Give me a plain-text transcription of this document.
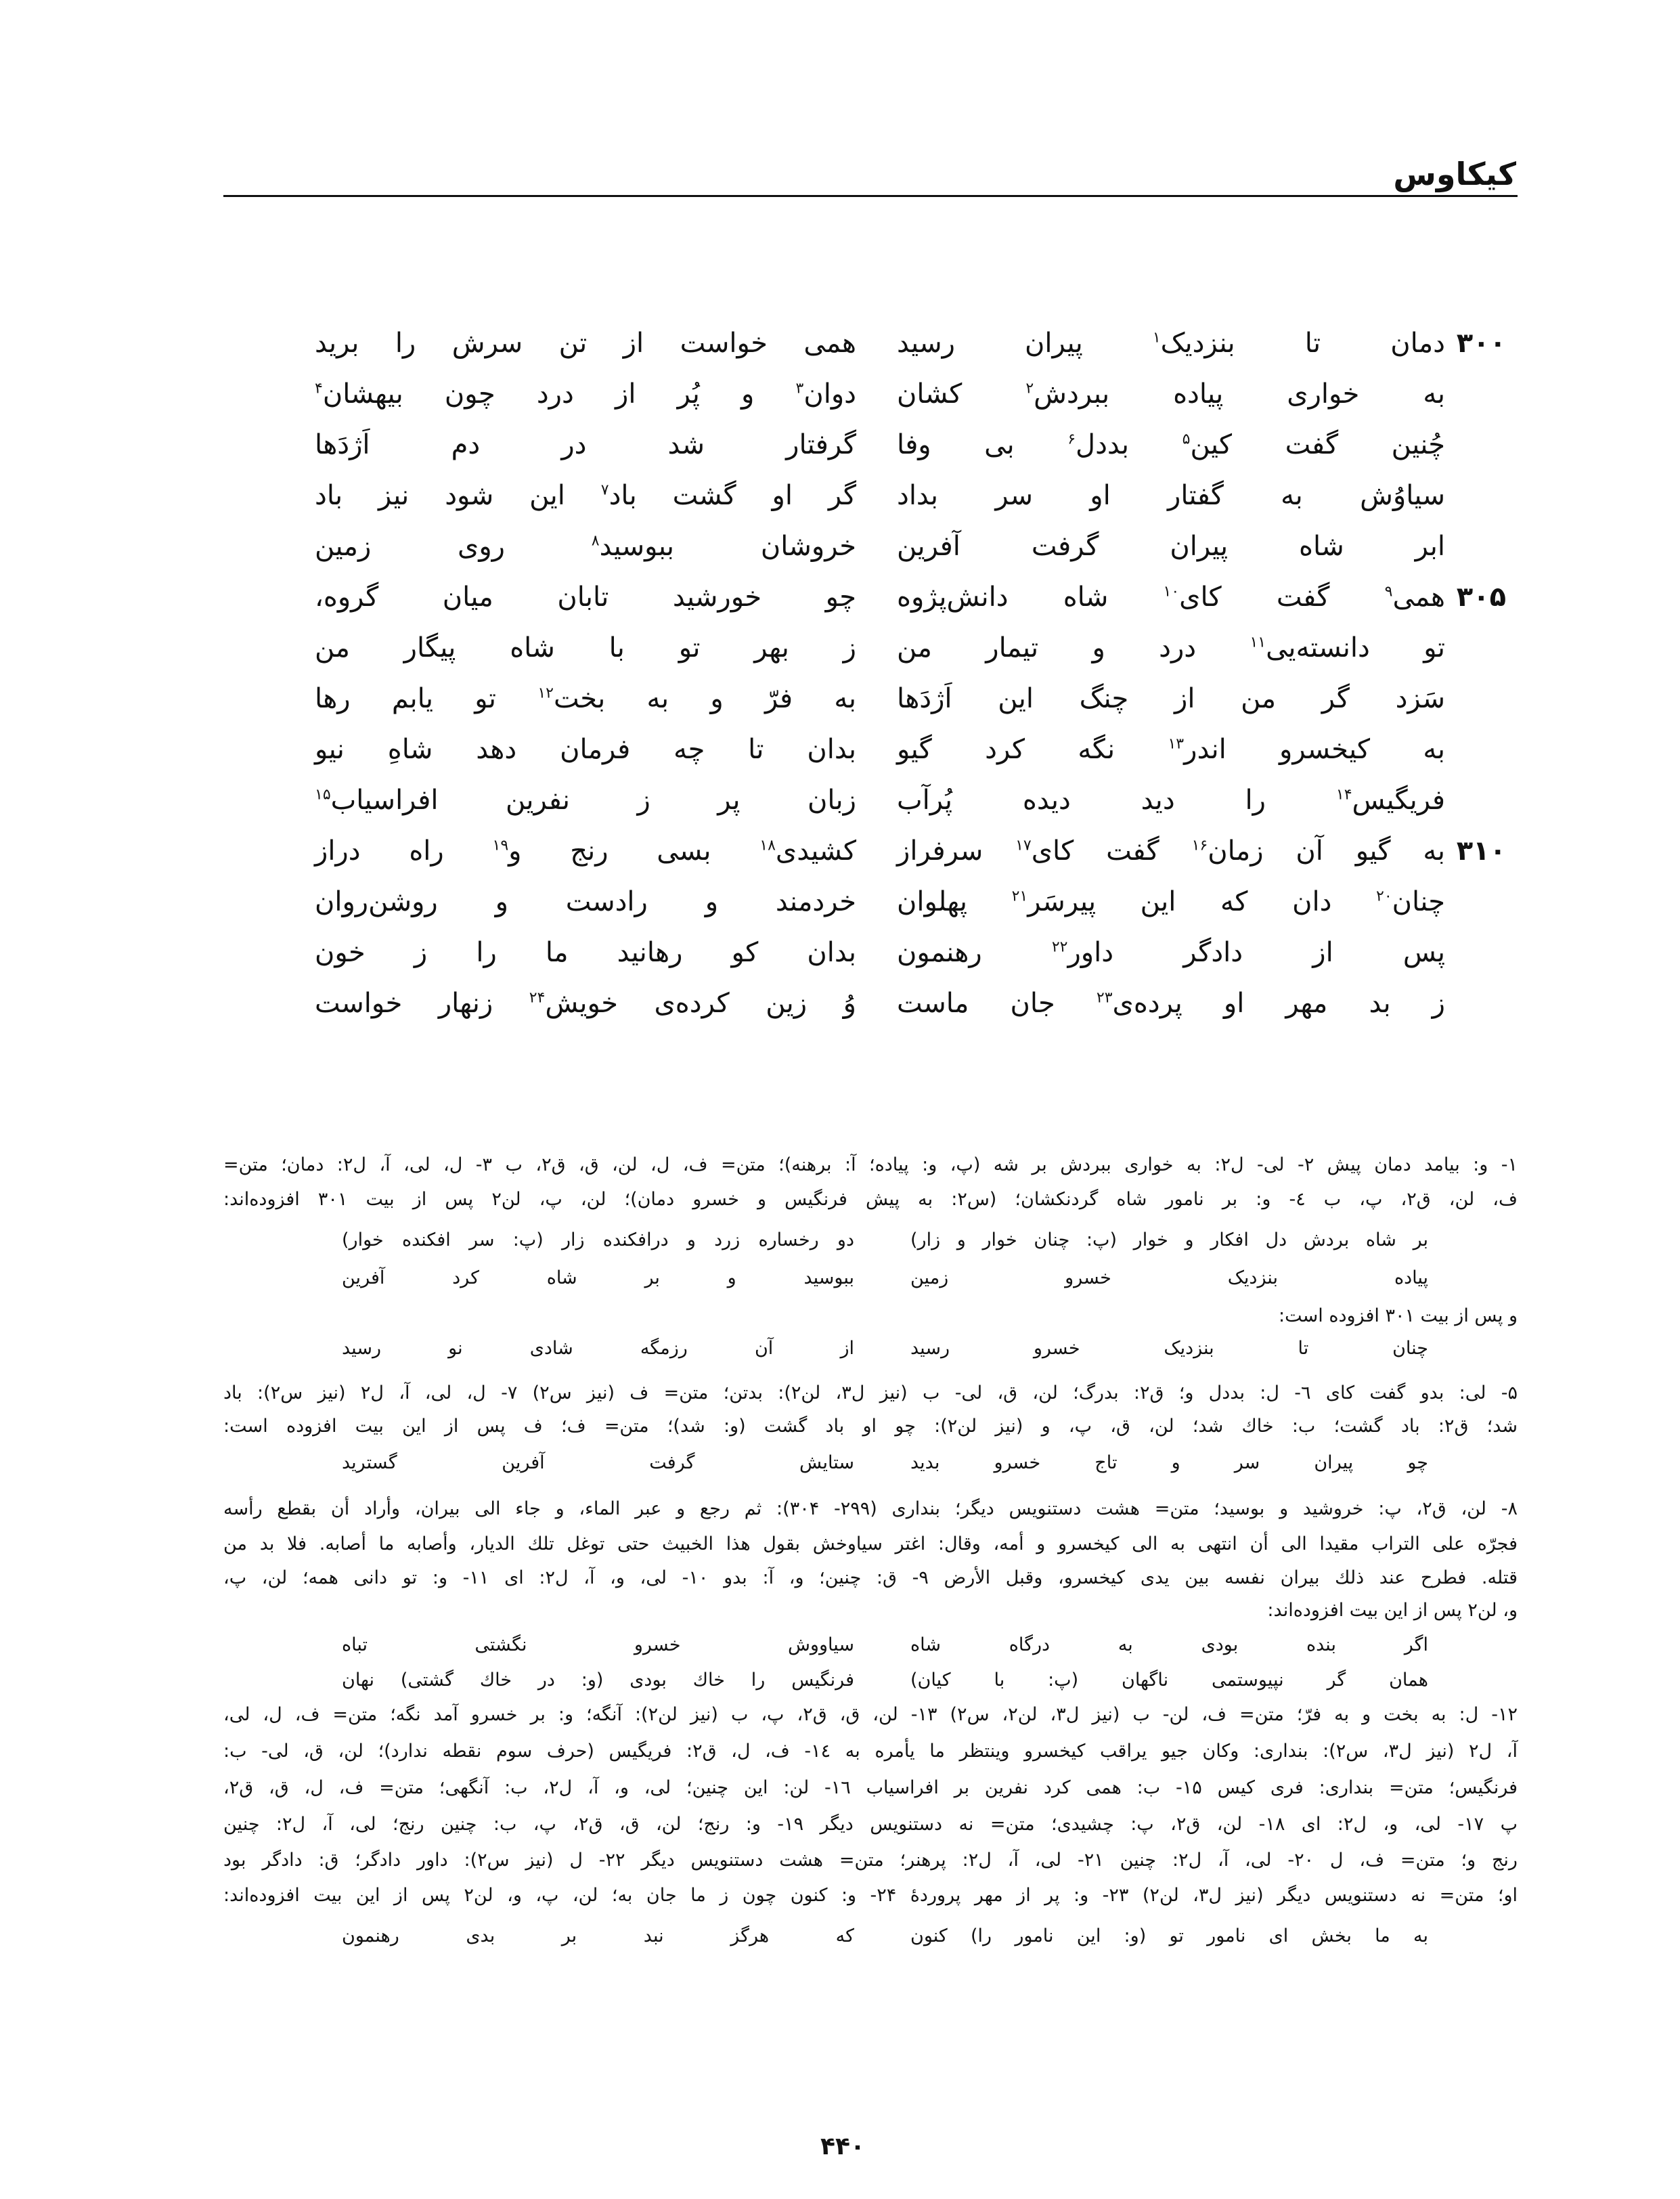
کیکاوس
۳۰۰
دمان تا بنزدیک$^۱$ پیران رسید
همی خواست از تن سرش را برید
به خواری پیاده ببردش$^۲$ کشان
دوان$^۳$ و پُر از درد چون بیهشان$^۴$
چُنین گفت کین$^۵$ بددل$^۶$ بی وفا
گرفتار شد در دم اَژدَها
سیاوُش به گفتار او سر بداد
گر او گشت باد$^۷$ این شود نیز باد
ابر شاه پیران گرفت آفرین
خروشان ببوسید$^۸$ روی زمین
۳۰۵
همی$^۹$ گفت کای$^{۱۰}$ شاه دانش‌پژوه
چو خورشید تابان میان گروه،
تو دانسته‌یی$^{۱۱}$ درد و تیمار من
ز بهر تو با شاه پیگار من
سَزد گر من از چنگ این اَژدَها
به فرّ و به بخت$^{۱۲}$ تو یابم رها
به کیخسرو اندر$^{۱۳}$ نگه کرد گیو
بدان تا چه فرمان دهد شاهِ نیو
فریگیس$^{۱۴}$ را دید دیده پُرآب
زبان پر ز نفرین افراسیاب$^{۱۵}$
۳۱۰
به گیو آن زمان$^{۱۶}$ گفت کای$^{۱۷}$ سرفراز
کشیدی$^{۱۸}$ بسی رنج و$^{۱۹}$ راه دراز
چنان$^{۲۰}$ دان که این پیرسَر$^{۲۱}$ پهلوان
خردمند و رادست و روشن‌روان
پس از دادگر داور$^{۲۲}$ رهنمون
بدان کو رهانید ما را ز خون
ز بد مهر او پرده‌ی$^{۲۳}$ جان ماست
وُ زین کرده‌ی خویش$^{۲۴}$ زنهار خواست
۱- و: بیامد دمان پیش ۲- لی- ل۲: به خواری ببردش بر شه (پ، و: پیاده؛ آ: برهنه)؛ متن= ف، ل، لن، ق، ق۲، ب ۳- ل، لی، آ، ل۲: دمان؛ متن=
ف، لن، ق۲، پ، ب ٤- و: بر نامور شاه گردنکشان؛ (س۲: به پیش فرنگیس و خسرو دمان)؛ لن، پ، لن۲ پس از بیت ۳۰۱ افزوده‌اند:
بر شاه بردش دل افکار و خوار (پ: چنان خوار و زار)
دو رخساره زرد و درافکنده زار (پ: سر افکنده خوار)
پیاده بنزدیک خسرو زمین
ببوسید و بر شاه کرد آفرین
و پس از بیت ۳۰۱ افزوده است:
چنان تا بنزدیک خسرو رسید
از آن رزمگه شادی نو رسید
۵- لی: بدو گفت کای ٦- ل: بددل و؛ ق۲: بدرگ؛ لن، ق، لی- ب (نیز ل۳، لن۲): بدتن؛ متن= ف (نیز س۲) ۷- ل، لی، آ، ل۲ (نیز س۲): باد
شد؛ ق۲: باد گشت؛ ب: خاك شد؛ لن، ق، پ، و (نیز لن۲): چو او باد گشت (و: شد)؛ متن= ف؛ ف پس از این بیت افزوده است:
چو پیران سر و تاج خسرو بدید
ستایش گرفت آفرین گسترید
۸- لن، ق۲، پ: خروشید و بوسید؛ متن= هشت دستنویس دیگر؛ بنداری (۲۹۹- ۳۰۴): ثم رجع و عبر الماء، و جاء الی بیران، وأراد أن بقطع رأسه
فجرّه علی التراب مقیدا الی أن انتهی به الی کیخسرو و أمه، وقال: اغتر سیاوخش بقول هذا الخبیث حتی توغل تلك الدیار، وأصابه ما أصابه. فلا بد من
قتله. فطرح عند ذلك بیران نفسه بین یدی کیخسرو، وقبل الأرض ۹- ق: چنین؛ و، آ: بدو ۱۰- لی، و، آ، ل۲: ای ۱۱- و: تو دانی همه؛ لن، پ،
و، لن۲ پس از این بیت افزوده‌اند:
اگر بنده بودی به درگاه شاه
سیاووش خسرو نگشتی تباه
همان گر نپیوستمی ناگهان (پ: با کیان)
فرنگیس را خاك بودی (و: در خاك گشتی) نهان
۱۲- ل: به بخت و به فرّ؛ متن= ف، لن- ب (نیز ل۳، لن۲، س۲) ۱۳- لن، ق، ق۲، پ، ب (نیز لن۲): آنگه؛ و: بر خسرو آمد نگه؛ متن= ف، ل، لی،
آ، ل۲ (نیز ل۳، س۲): بنداری: وکان جیو یراقب کیخسرو وینتظر ما یأمره به ١٤- ف، ل، ق۲: فریگیس (حرف سوم نقطه ندارد)؛ لن، ق، لی- ب:
فرنگیس؛ متن= بنداری: فری کیس ۱۵- ب: همی کرد نفرین بر افراسیاب ١٦- لن: این چنین؛ لی، و، آ، ل۲، ب: آنگهی؛ متن= ف، ل، ق، ق۲،
پ ۱۷- لی، و، ل۲: ای ۱۸- لن، ق۲، پ: چشیدی؛ متن= نه دستنویس دیگر ۱۹- و: رنج؛ لن، ق، ق۲، پ، ب: چنین رنج؛ لی، آ، ل۲: چنین
رنج و؛ متن= ف، ل ۲۰- لی، آ، ل۲: چنین ۲۱- لی، آ، ل۲: پرهنر؛ متن= هشت دستنویس دیگر ۲۲- ل (نیز س۲): داور دادگر؛ ق: دادگر بود
او؛ متن= نه دستنویس دیگر (نیز ل۳، لن۲) ۲۳- و: پر از مهر پروردهٔ ۲۴- و: کنون چون ز ما جان به؛ لن، پ، و، لن۲ پس از این بیت افزوده‌اند:
به ما بخش ای نامور تو (و: این نامور را) کنون
که هرگز نبد بر بدی رهنمون
۴۴۰
